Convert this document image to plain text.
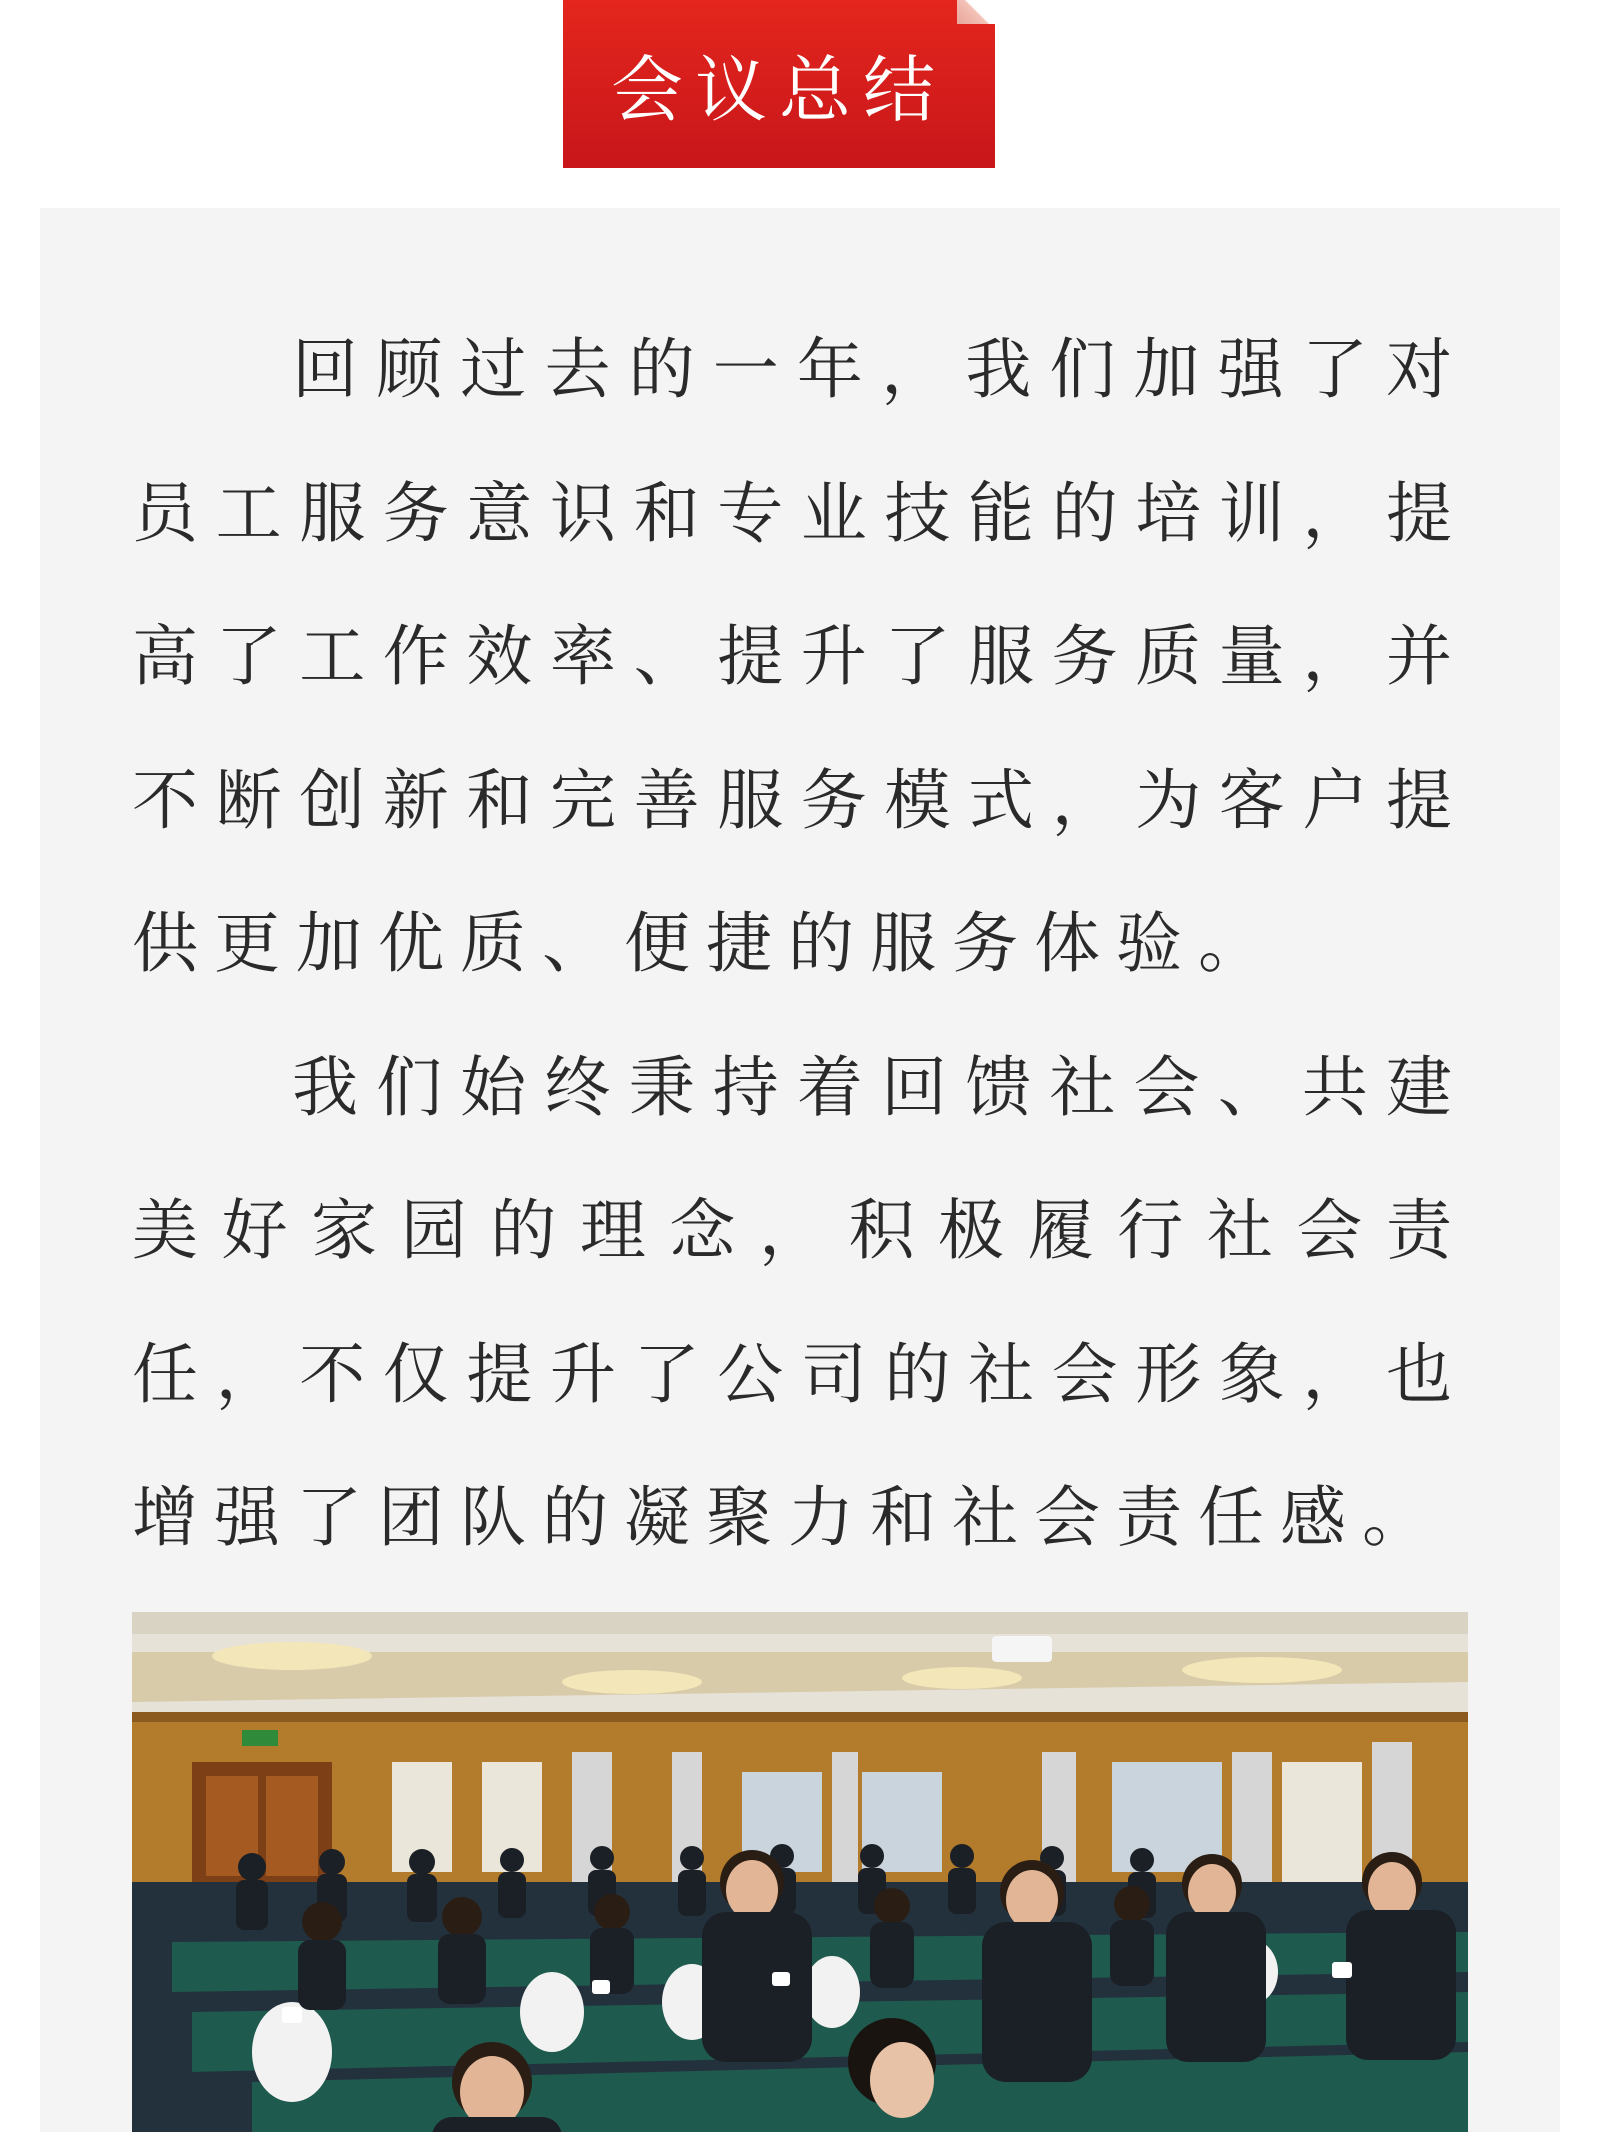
会议总结

回顾过去的一年，我们加强了对员工服务意识和专业技能的培训，提高了工作效率、提升了服务质量，并不断创新和完善服务模式，为客户提供更加优质、便捷的服务体验。

我们始终秉持着回馈社会、共建美好家园的理念，积极履行社会责任，不仅提升了公司的社会形象，也增强了团队的凝聚力和社会责任感。
